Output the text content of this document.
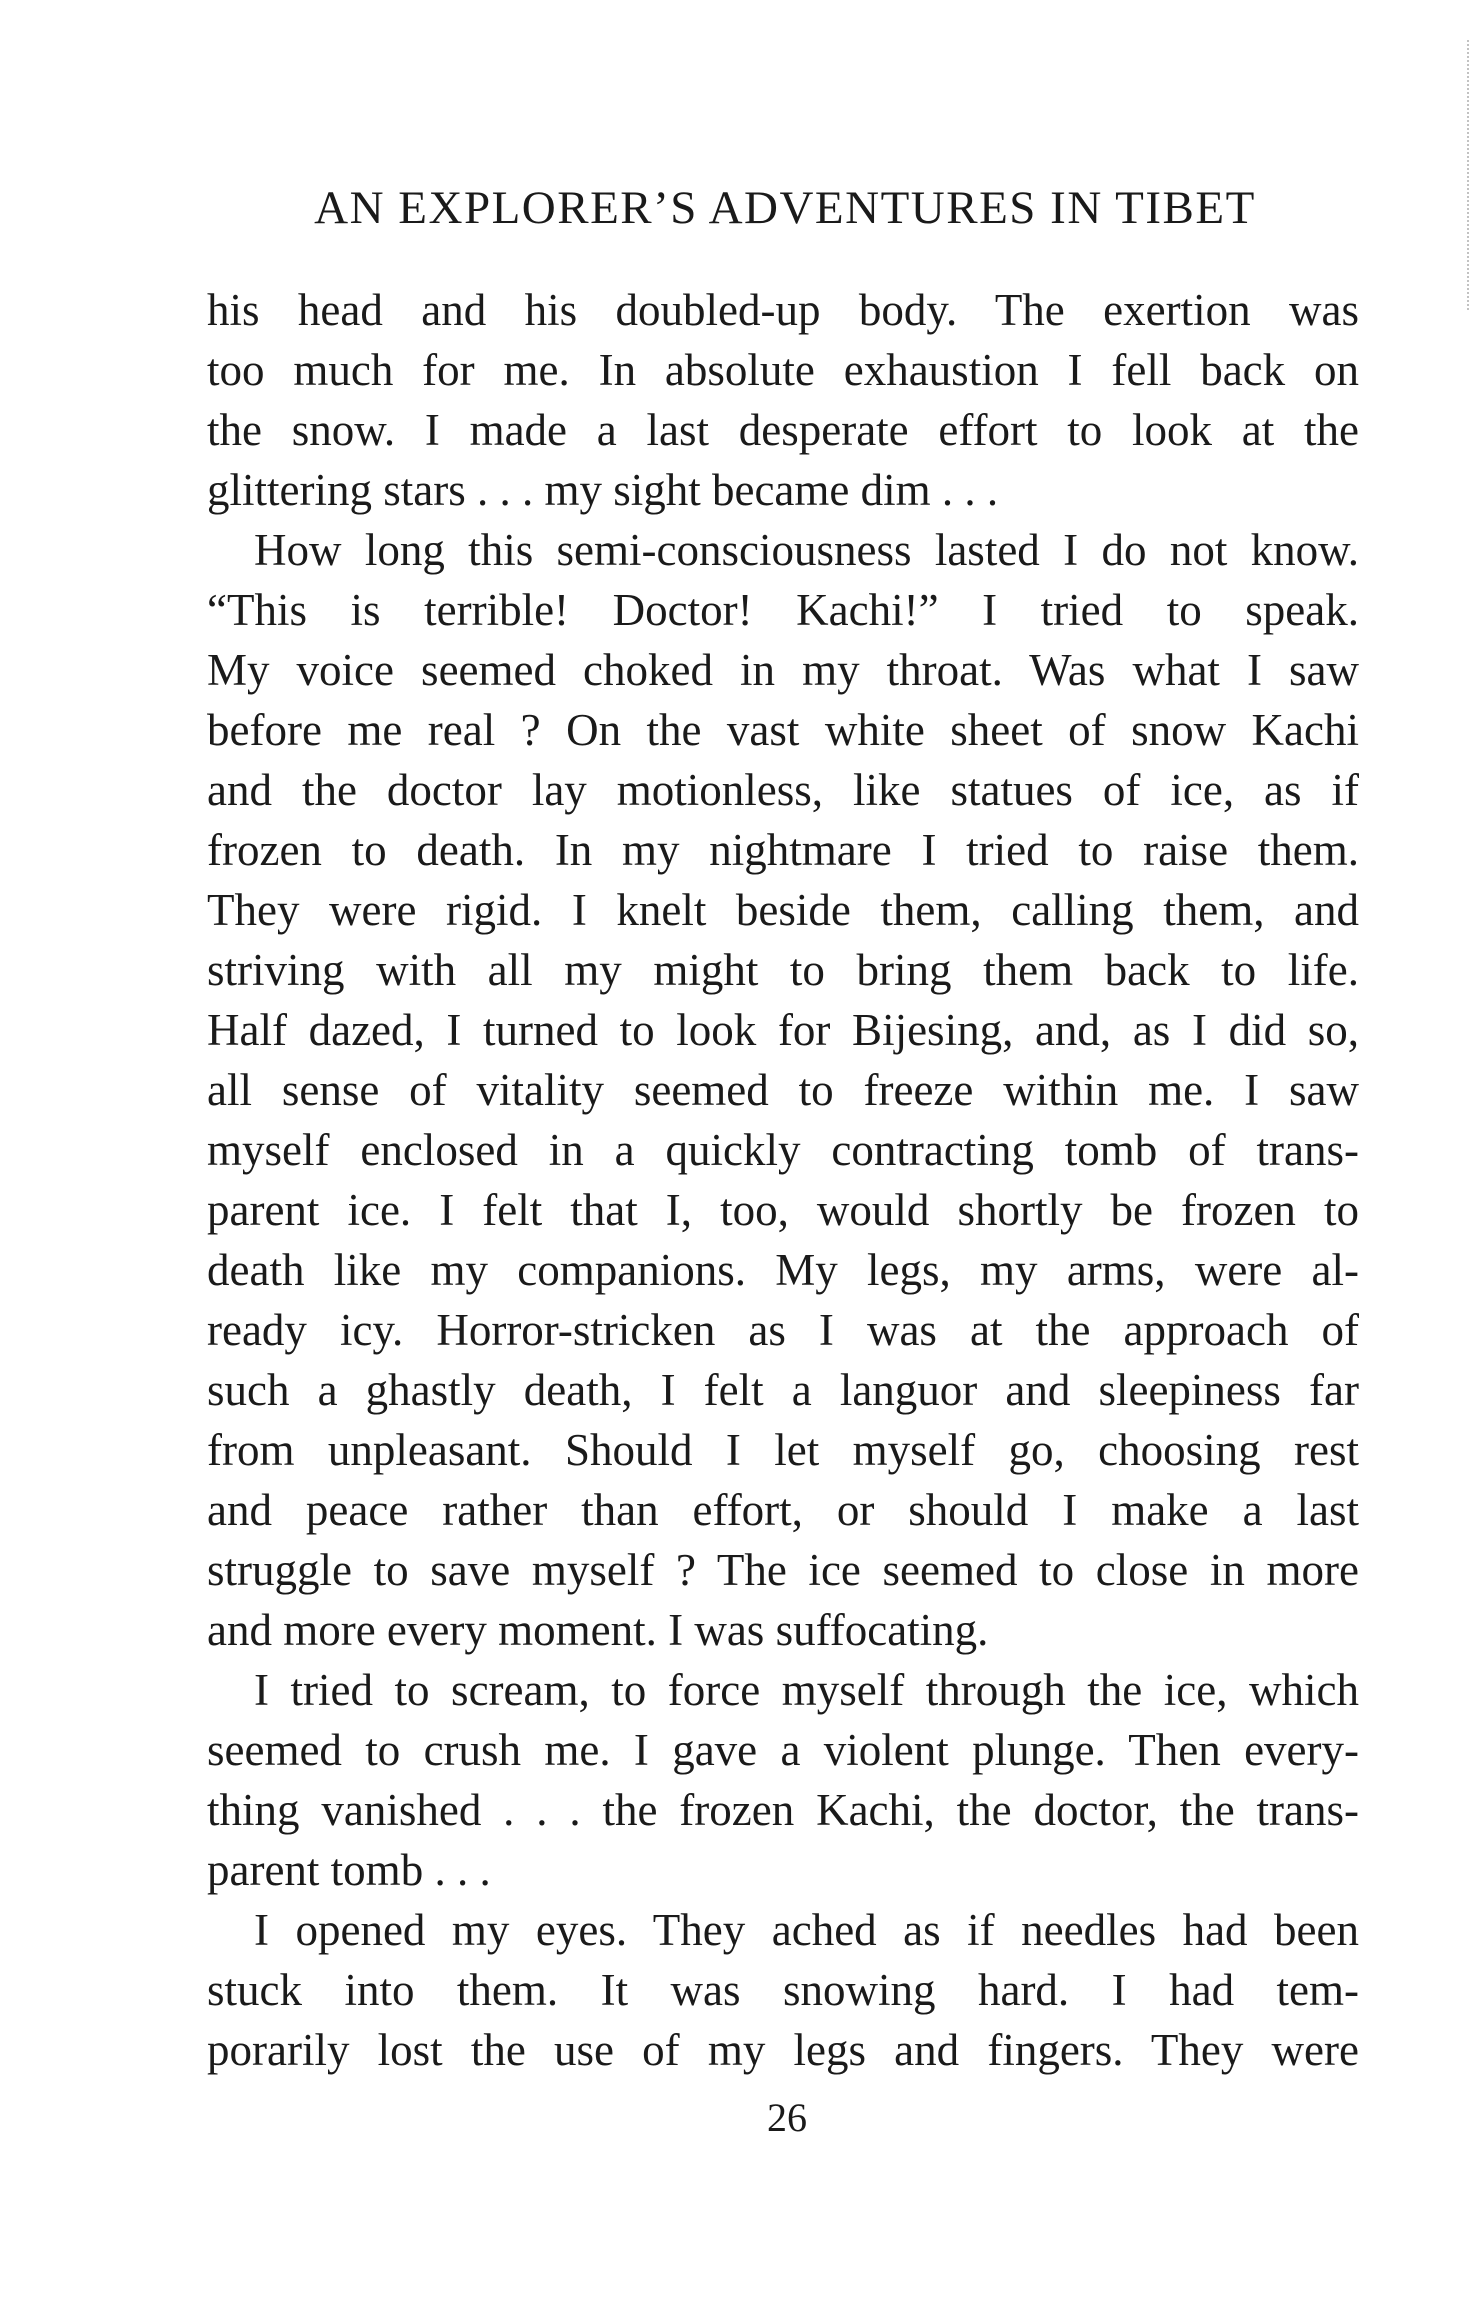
AN EXPLORER’S ADVENTURES IN TIBET
his head and his doubled-up body. The exertion was
too much for me. In absolute exhaustion I fell back on
the snow. I made a last desperate effort to look at the
glittering stars . . . my sight became dim . . .
How long this semi-consciousness lasted I do not know.
“This is terrible! Doctor! Kachi!” I tried to speak.
My voice seemed choked in my throat. Was what I saw
before me real ? On the vast white sheet of snow Kachi
and the doctor lay motionless, like statues of ice, as if
frozen to death. In my nightmare I tried to raise them.
They were rigid. I knelt beside them, calling them, and
striving with all my might to bring them back to life.
Half dazed, I turned to look for Bijesing, and, as I did so,
all sense of vitality seemed to freeze within me. I saw
myself enclosed in a quickly contracting tomb of trans-
parent ice. I felt that I, too, would shortly be frozen to
death like my companions. My legs, my arms, were al-
ready icy. Horror-stricken as I was at the approach of
such a ghastly death, I felt a languor and sleepiness far
from unpleasant. Should I let myself go, choosing rest
and peace rather than effort, or should I make a last
struggle to save myself ? The ice seemed to close in more
and more every moment. I was suffocating.
I tried to scream, to force myself through the ice, which
seemed to crush me. I gave a violent plunge. Then every-
thing vanished . . . the frozen Kachi, the doctor, the trans-
parent tomb . . .
I opened my eyes. They ached as if needles had been
stuck into them. It was snowing hard. I had tem-
porarily lost the use of my legs and fingers. They were
26
